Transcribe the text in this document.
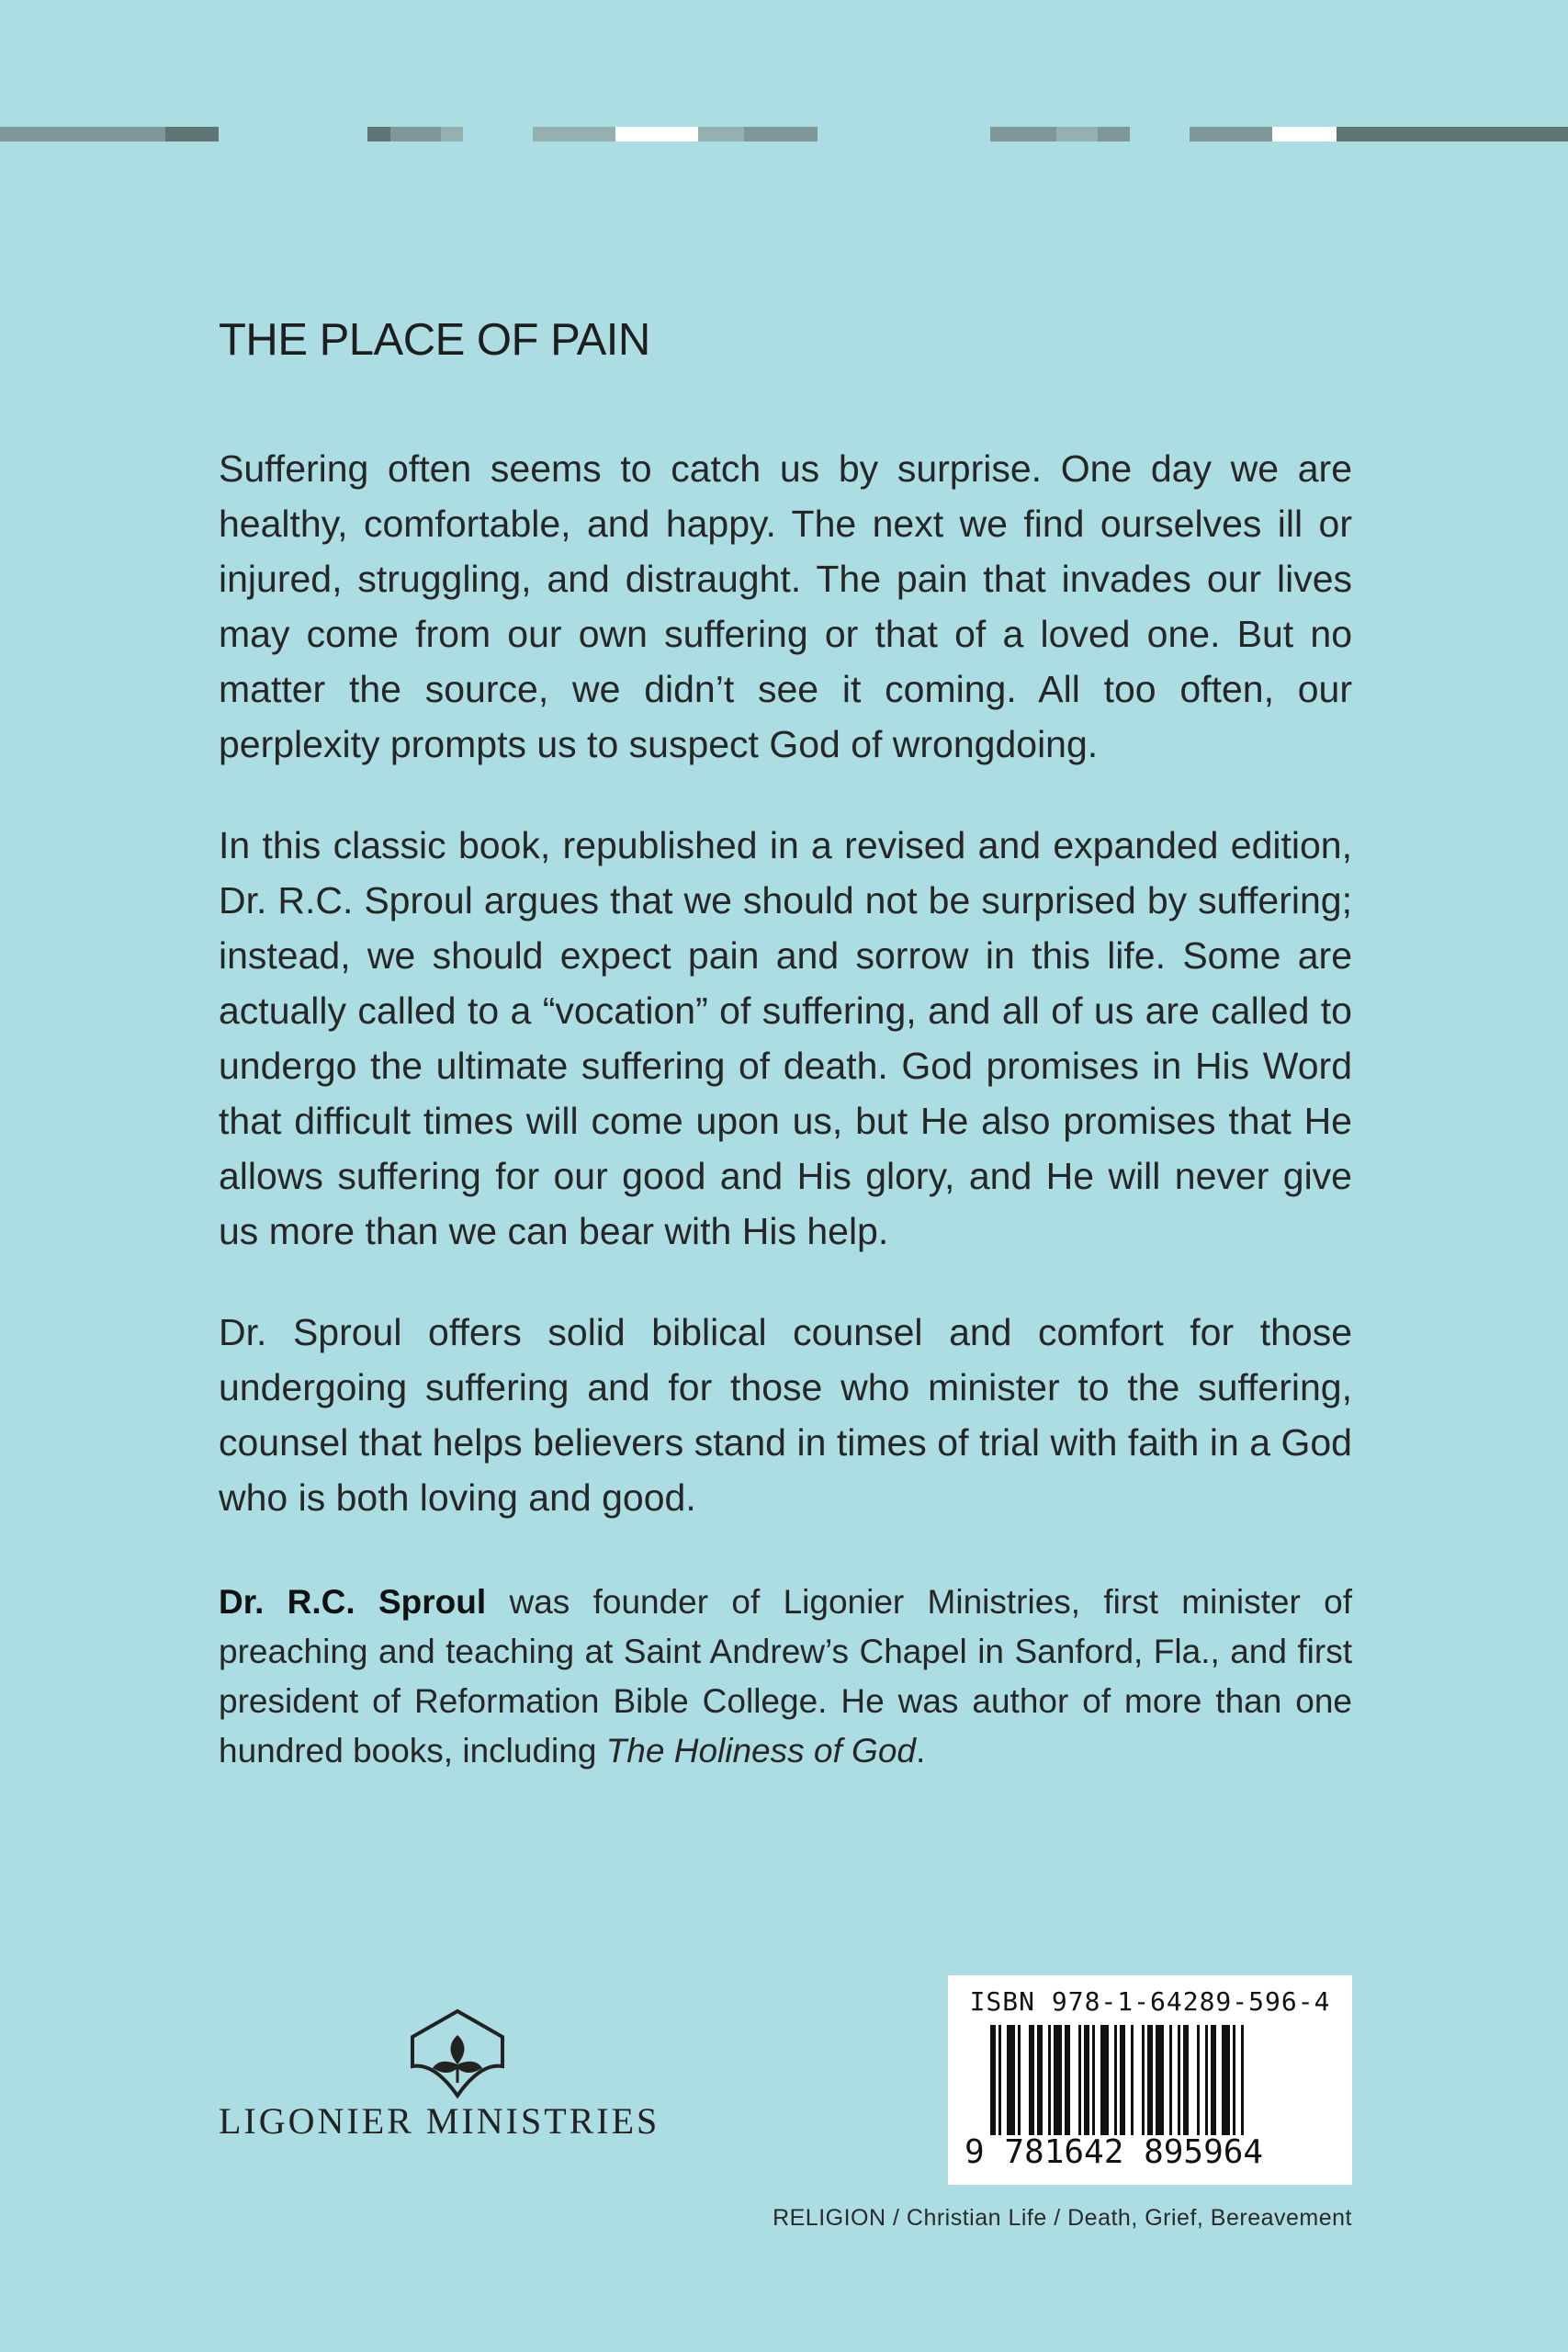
THE PLACE OF PAIN

Suffering often seems to catch us by surprise. One day we are healthy, comfortable, and happy. The next we find ourselves ill or injured, struggling, and distraught. The pain that invades our lives may come from our own suffering or that of a loved one. But no matter the source, we didn’t see it coming. All too often, our perplexity prompts us to suspect God of wrongdoing.

In this classic book, republished in a revised and expanded edition, Dr. R.C. Sproul argues that we should not be surprised by suffering; instead, we should expect pain and sorrow in this life. Some are actually called to a “vocation” of suffering, and all of us are called to undergo the ultimate suffering of death. God promises in His Word that difficult times will come upon us, but He also promises that He allows suffering for our good and His glory, and He will never give us more than we can bear with His help.

Dr. Sproul offers solid biblical counsel and comfort for those undergoing suffering and for those who minister to the suffering, counsel that helps believers stand in times of trial with faith in a God who is both loving and good.

Dr. R.C. Sproul was founder of Ligonier Ministries, first minister of preaching and teaching at Saint Andrew’s Chapel in Sanford, Fla., and first president of Reformation Bible College. He was author of more than one hundred books, including The Holiness of God.

LIGONIER MINISTRIES
ISBN 978-1-64289-596-4
9 781642 895964
RELIGION / Christian Life / Death, Grief, Bereavement
